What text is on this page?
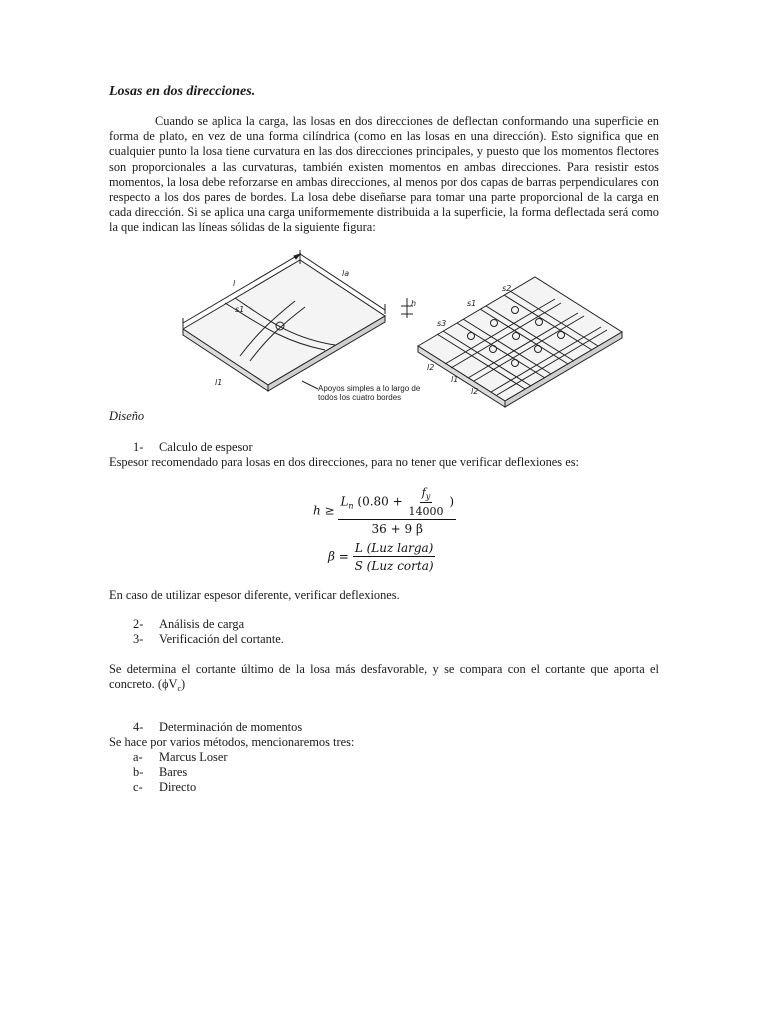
Losas en dos direcciones.
Cuando se aplica la carga, las losas en dos direcciones de deflectan conformando una superficie en forma de plato, en vez de una forma cilíndrica (como en las losas en una dirección). Esto significa que en cualquier punto la losa tiene curvatura en las dos direcciones principales, y puesto que los momentos flectores son proporcionales a las curvaturas, también existen momentos en ambas direcciones. Para resistir estos momentos, la losa debe reforzarse en ambas direcciones, al menos por dos capas de barras perpendiculares con respecto a los dos pares de bordes. La losa debe diseñarse para tomar una parte proporcional de la carga en cada dirección. Si se aplica una carga uniformemente distribuida a la superficie, la forma deflectada será como la que indican las líneas sólidas de la siguiente figura:
l
la
h
s1
l1
s1
s2
s3
l2
l1
l2
Apoyos simples a lo largo de todos los cuatro bordes
Diseño
1- Calculo de espesor
Espesor recomendado para losas en dos direcciones, para no tener que verificar deflexiones es:
h ≥
$L_n$ ($0.80 + \frac{f_y}{14000}$ )
36 + 9 β
$\beta = \frac{\text{L (Luz larga)}}{\text{S (Luz corta)}}$
En caso de utilizar espesor diferente, verificar deflexiones.
2- Análisis de carga
3- Verificación del cortante.
Se determina el cortante último de la losa más desfavorable, y se compara con el cortante que aporta el concreto. $(\phi V_c)$
4- Determinación de momentos
Se hace por varios métodos, mencionaremos tres:
a- Marcus Loser
b- Bares
c- Directo
